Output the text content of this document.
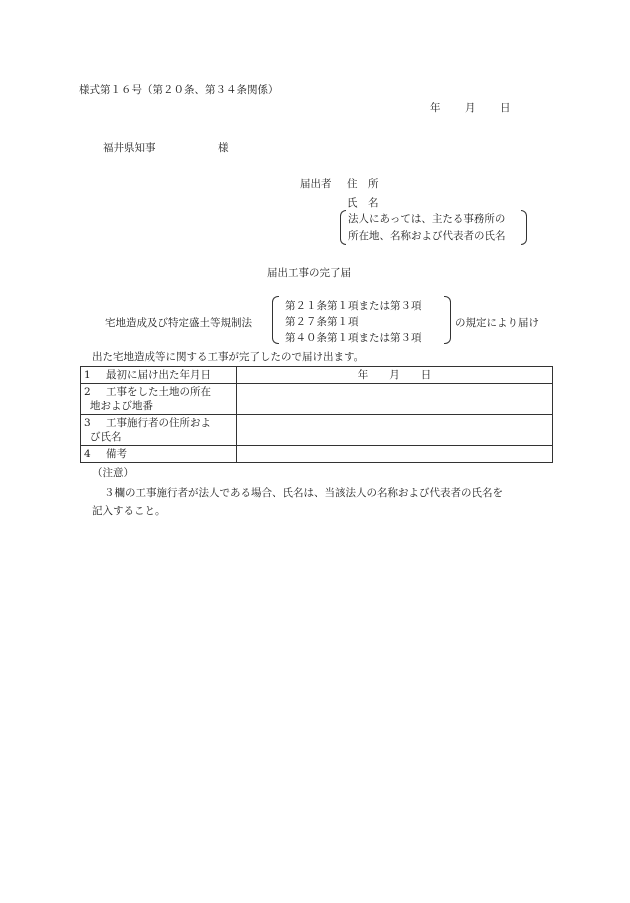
様式第１６号（第２０条、第３４条関係）
年 月 日
福井県知事	様
届出者 住　所
氏　名
法人にあっては、主たる事務所の
所在地、名称および代表者の氏名
届出工事の完了届
宅地造成及び特定盛土等規制法
第２１条第１項または第３項
第２７条第１項
第４０条第１項または第３項
の規定により届け
出た宅地造成等に関する工事が完了したので届け出ます。
1 最初に届け出た年月日	年　　月　　日
2 工事をした土地の所在
地および地番	
3 工事施行者の住所およ
び氏名	
4 備考	
（注意）
３欄の工事施行者が法人である場合、氏名は、当該法人の名称および代表者の氏名を
記入すること。
